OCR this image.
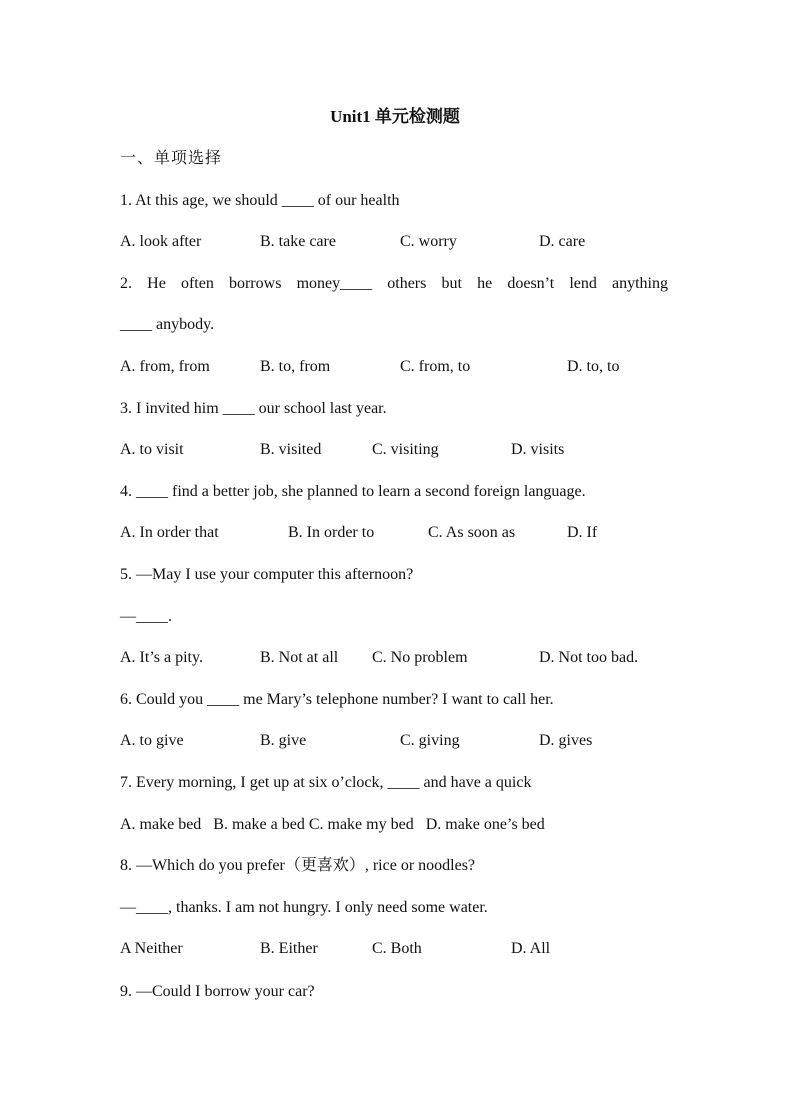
Unit1 单元检测题
一、单项选择
1. At this age, we should ____ of our health
A. look after	B. take care	C. worry	D. care
2. He often borrows money____ others but he doesn’t lend anything
____ anybody.
A. from, from	B. to, from	C. from, to	D. to, to
3. I invited him ____ our school last year.
A. to visit	B. visited	C. visiting	D. visits
4. ____ find a better job, she planned to learn a second foreign language.
A. In order that	B. In order to	C. As soon as	D. If
5. —May I use your computer this afternoon?
—____.
A. It’s a pity.	B. Not at all C. No problem	D. Not too bad.
6. Could you ____ me Mary’s telephone number? I want to call her.
A. to give	B. give	C. giving	D. gives
7. Every morning, I get up at six o’clock, ____ and have a quick
A. make bed   B. make a bed C. make my bed   D. make one’s bed
8. —Which do you prefer（更喜欢）, rice or noodles?
—____, thanks. I am not hungry. I only need some water.
A Neither	B. Either	C. Both	D. All
9. —Could I borrow your car?
